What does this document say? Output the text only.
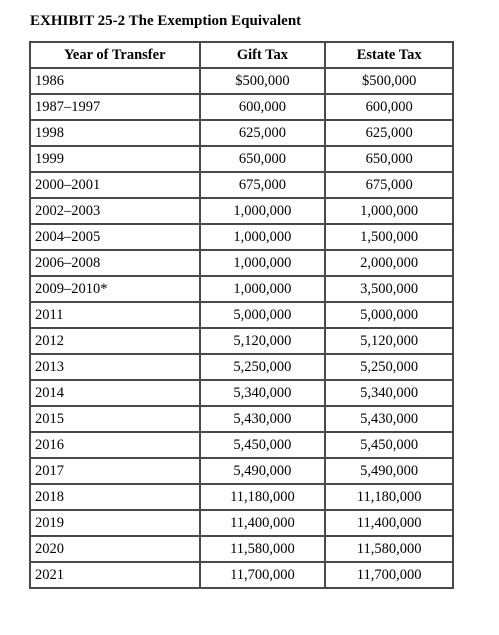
EXHIBIT 25-2 The Exemption Equivalent
Year of Transfer	Gift Tax	Estate Tax
1986	$500,000	$500,000
1987–1997	600,000	600,000
1998	625,000	625,000
1999	650,000	650,000
2000–2001	675,000	675,000
2002–2003	1,000,000	1,000,000
2004–2005	1,000,000	1,500,000
2006–2008	1,000,000	2,000,000
2009–2010*	1,000,000	3,500,000
2011	5,000,000	5,000,000
2012	5,120,000	5,120,000
2013	5,250,000	5,250,000
2014	5,340,000	5,340,000
2015	5,430,000	5,430,000
2016	5,450,000	5,450,000
2017	5,490,000	5,490,000
2018	11,180,000	11,180,000
2019	11,400,000	11,400,000
2020	11,580,000	11,580,000
2021	11,700,000	11,700,000
